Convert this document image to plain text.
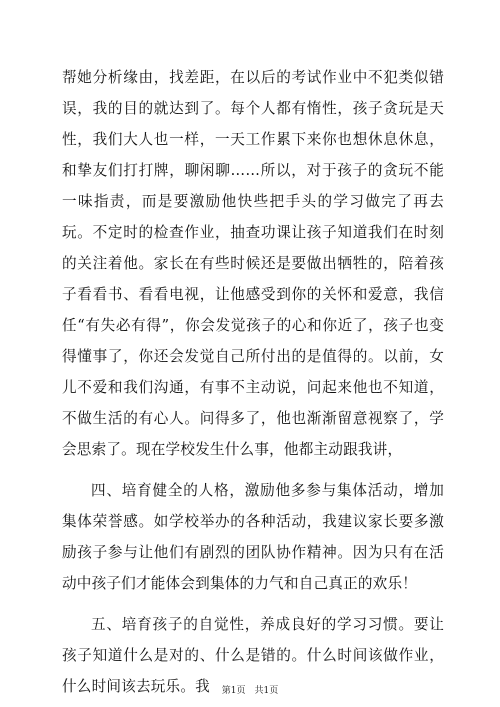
帮她分析缘由，找差距，在以后的考试作业中不犯类似错误，我的目的就达到了。每个人都有惰性，孩子贪玩是天性，我们大人也一样，一天工作累下来你也想休息休息，和挚友们打打牌，聊闲聊……所以，对于孩子的贪玩不能一味指责，而是要激励他快些把手头的学习做完了再去玩。不定时的检查作业，抽查功课让孩子知道我们在时刻的关注着他。家长在有些时候还是要做出牺牲的，陪着孩子看看书、看看电视，让他感受到你的关怀和爱意，我信任“有失必有得”，你会发觉孩子的心和你近了，孩子也变得懂事了，你还会发觉自己所付出的是值得的。以前，女儿不爱和我们沟通，有事不主动说，问起来他也不知道，不做生活的有心人。问得多了，他也渐渐留意视察了，学会思索了。现在学校发生什么事，他都主动跟我讲，

四、培育健全的人格，激励他多参与集体活动，增加集体荣誉感。如学校举办的各种活动，我建议家长要多激励孩子参与让他们有剧烈的团队协作精神。因为只有在活动中孩子们才能体会到集体的力气和自己真正的欢乐！

五、培育孩子的自觉性，养成良好的学习习惯。要让孩子知道什么是对的、什么是错的。什么时间该做作业，什么时间该去玩乐。我	第1页　共1页
